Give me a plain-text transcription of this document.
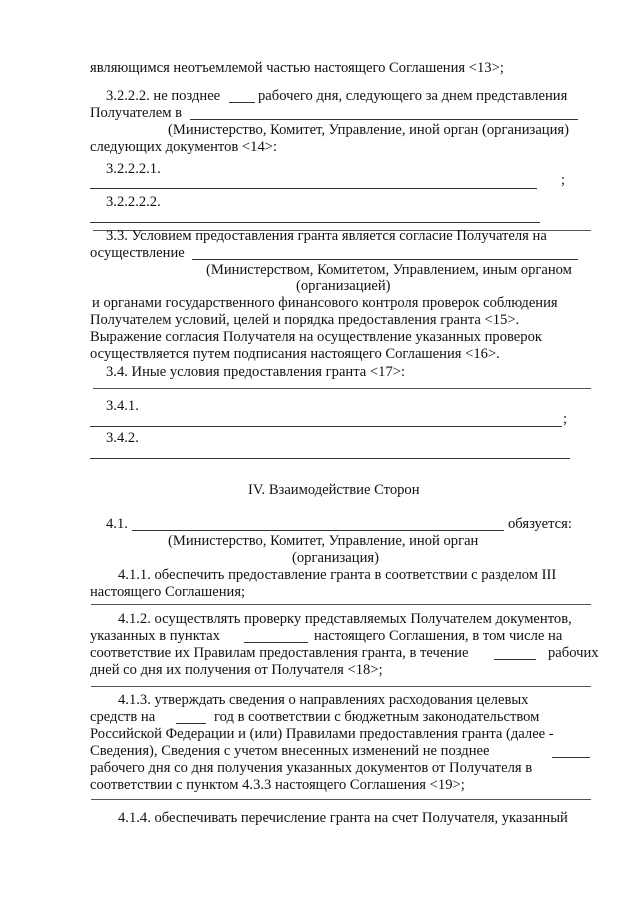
являющимся неотъемлемой частью настоящего Соглашения <13>;
3.2.2.2. не позднее	рабочего дня, следующего за днем представления
Получателем в
(Министерство, Комитет, Управление, иной орган (организация)
следующих документов <14>:
3.2.2.2.1.
;
3.2.2.2.2.
3.3. Условием предоставления гранта является согласие Получателя на
осуществление
(Министерством, Комитетом, Управлением, иным органом
(организацией)
и органами государственного финансового контроля проверок соблюдения
Получателем условий, целей и порядка предоставления гранта <15>.
Выражение согласия Получателя на осуществление указанных проверок
осуществляется путем подписания настоящего Соглашения <16>.
3.4. Иные условия предоставления гранта <17>:
3.4.1.
;
3.4.2.
IV. Взаимодействие Сторон
4.1.	обязуется:
(Министерство, Комитет, Управление, иной орган
(организация)
4.1.1. обеспечить предоставление гранта в соответствии с разделом III
настоящего Соглашения;
4.1.2. осуществлять проверку представляемых Получателем документов,
указанных в пунктах	настоящего Соглашения, в том числе на
соответствие их Правилам предоставления гранта, в течение	рабочих
дней со дня их получения от Получателя <18>;
4.1.3. утверждать сведения о направлениях расходования целевых
средств на	год в соответствии с бюджетным законодательством
Российской Федерации и (или) Правилами предоставления гранта (далее -
Сведения), Сведения с учетом внесенных изменений не позднее
рабочего дня со дня получения указанных документов от Получателя в
соответствии с пунктом 4.3.3 настоящего Соглашения <19>;
4.1.4. обеспечивать перечисление гранта на счет Получателя, указанный
